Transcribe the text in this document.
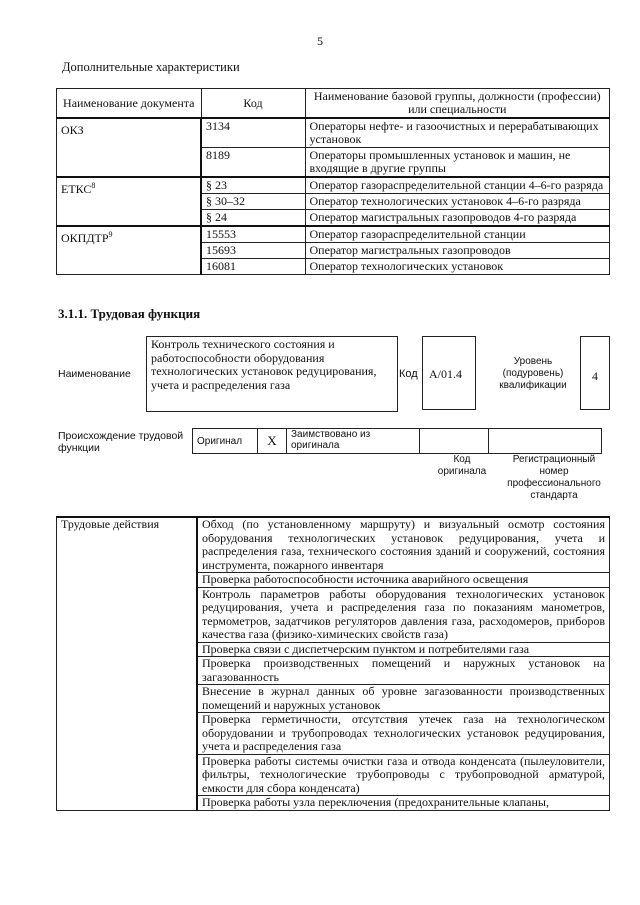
5
Дополнительные характеристики
Наименование документа	Код	Наименование базовой группы, должности (профессии) или специальности
ОКЗ	3134	Операторы нефте- и газоочистных и перерабатывающих установок
	8189	Операторы промышленных установок и машин, не входящие в другие группы
ЕТКС$^8$	§ 23	Оператор газораспределительной станции 4–6-го разряда
	§ 30–32	Оператор технологических установок 4–6-го разряда
	§ 24	Оператор магистральных газопроводов 4-го разряда
ОКПДТР$^9$	15553	Оператор газораспределительной станции
	15693	Оператор магистральных газопроводов
	16081	Оператор технологических установок
3.1.1. Трудовая функция
Наименование
Контроль технического состояния и работоспособности оборудования технологических установок редуцирования, учета и распределения газа
Код А/01.4
Уровень (подуровень) квалификации
4
Происхождение трудовой функции
Оригинал	X	Заимствовано из оригинала		
Код оригинала
Регистрационный номер профессионального стандарта
Трудовые действия	Обход (по установленному маршруту) и визуальный осмотр состояния оборудования технологических установок редуцирования, учета и распределения газа, технического состояния зданий и сооружений, состояния инструмента, пожарного инвентаря
Проверка работоспособности источника аварийного освещения
Контроль параметров работы оборудования технологических установок редуцирования, учета и распределения газа по показаниям манометров, термометров, задатчиков регуляторов давления газа, расходомеров, приборов качества газа (физико-химических свойств газа)
Проверка связи с диспетчерским пунктом и потребителями газа
Проверка производственных помещений и наружных установок на загазованность
Внесение в журнал данных об уровне загазованности производственных помещений и наружных установок
Проверка герметичности, отсутствия утечек газа на технологическом оборудовании и трубопроводах технологических установок редуцирования, учета и распределения газа
Проверка работы системы очистки газа и отвода конденсата (пылеуловители, фильтры, технологические трубопроводы с трубопроводной арматурой, емкости для сбора конденсата)
Проверка работы узла переключения (предохранительные клапаны,
